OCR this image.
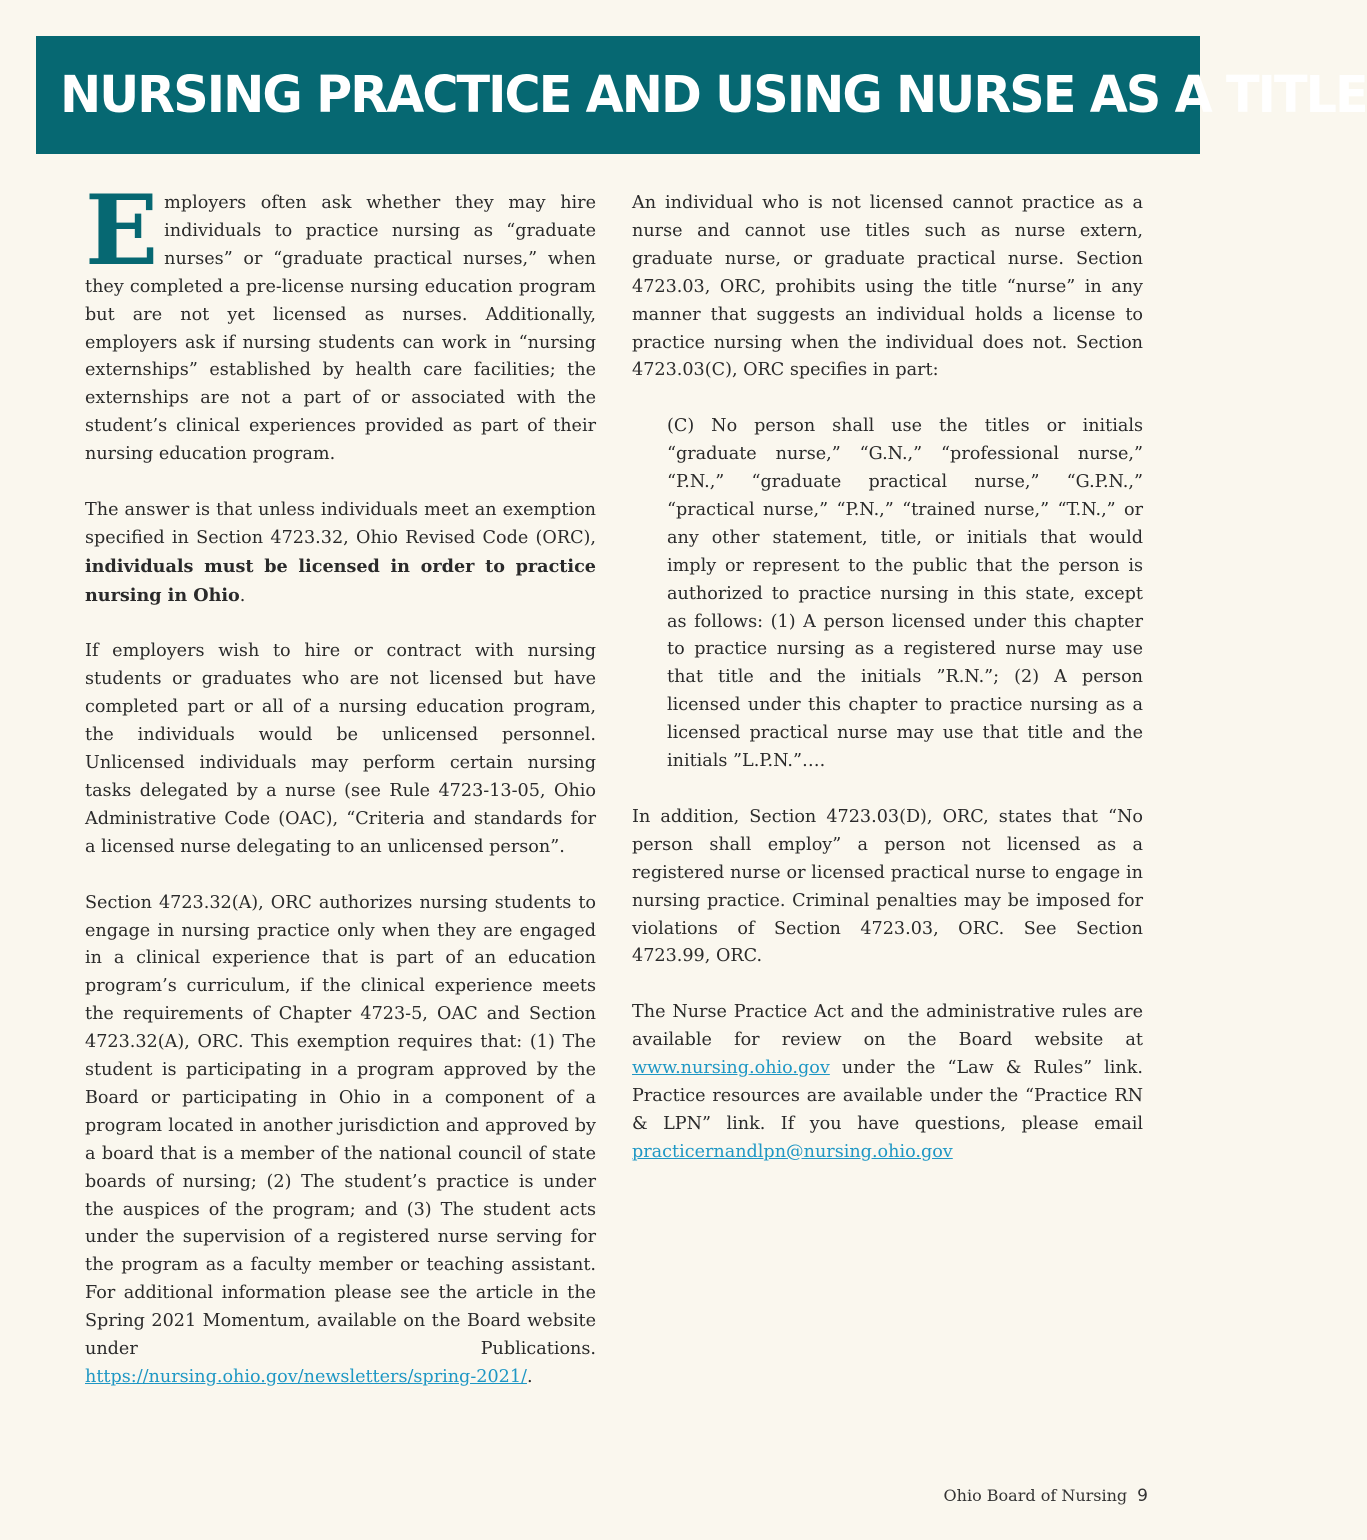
NURSING PRACTICE AND USING NURSE AS A TITLE

Employers often ask whether they may hire individuals to practice nursing as “graduate nurses” or “graduate practical nurses,” when they completed a pre-license nursing education program but are not yet licensed as nurses. Additionally, employers ask if nursing students can work in “nursing externships” established by health care facilities; the externships are not a part of or associated with the student’s clinical experiences provided as part of their nursing education program.

The answer is that unless individuals meet an exemption specified in Section 4723.32, Ohio Revised Code (ORC), individuals must be licensed in order to practice nursing in Ohio.

If employers wish to hire or contract with nursing students or graduates who are not licensed but have completed part or all of a nursing education program, the individuals would be unlicensed personnel. Unlicensed individuals may perform certain nursing tasks delegated by a nurse (see Rule 4723-13-05, Ohio Administrative Code (OAC), “Criteria and standards for a licensed nurse delegating to an unlicensed person”.

Section 4723.32(A), ORC authorizes nursing students to engage in nursing practice only when they are engaged in a clinical experience that is part of an education program’s curriculum, if the clinical experience meets the requirements of Chapter 4723-5, OAC and Section 4723.32(A), ORC. This exemption requires that: (1) The student is participating in a program approved by the Board or participating in Ohio in a component of a program located in another jurisdiction and approved by a board that is a member of the national council of state boards of nursing; (2) The student’s practice is under the auspices of the program; and (3) The student acts under the supervision of a registered nurse serving for the program as a faculty member or teaching assistant. For additional information please see the article in the Spring 2021 Momentum, available on the Board website under Publications. https://nursing.ohio.gov/newsletters/spring-2021/.

An individual who is not licensed cannot practice as a nurse and cannot use titles such as nurse extern, graduate nurse, or graduate practical nurse. Section 4723.03, ORC, prohibits using the title “nurse” in any manner that suggests an individual holds a license to practice nursing when the individual does not. Section 4723.03(C), ORC specifies in part:

(C) No person shall use the titles or initials “graduate nurse,” “G.N.,” “professional nurse,” “P.N.,” “graduate practical nurse,” “G.P.N.,” “practical nurse,” “P.N.,” “trained nurse,” “T.N.,” or any other statement, title, or initials that would imply or represent to the public that the person is authorized to practice nursing in this state, except as follows: (1) A person licensed under this chapter to practice nursing as a registered nurse may use that title and the initials ”R.N.”; (2) A person licensed under this chapter to practice nursing as a licensed practical nurse may use that title and the initials ”L.P.N.”….

In addition, Section 4723.03(D), ORC, states that “No person shall employ” a person not licensed as a registered nurse or licensed practical nurse to engage in nursing practice. Criminal penalties may be imposed for violations of Section 4723.03, ORC. See Section 4723.99, ORC.

The Nurse Practice Act and the administrative rules are available for review on the Board website at www.nursing.ohio.gov under the “Law & Rules” link. Practice resources are available under the “Practice RN & LPN” link. If you have questions, please email practicernandlpn@nursing.ohio.gov

Ohio Board of Nursing 9
